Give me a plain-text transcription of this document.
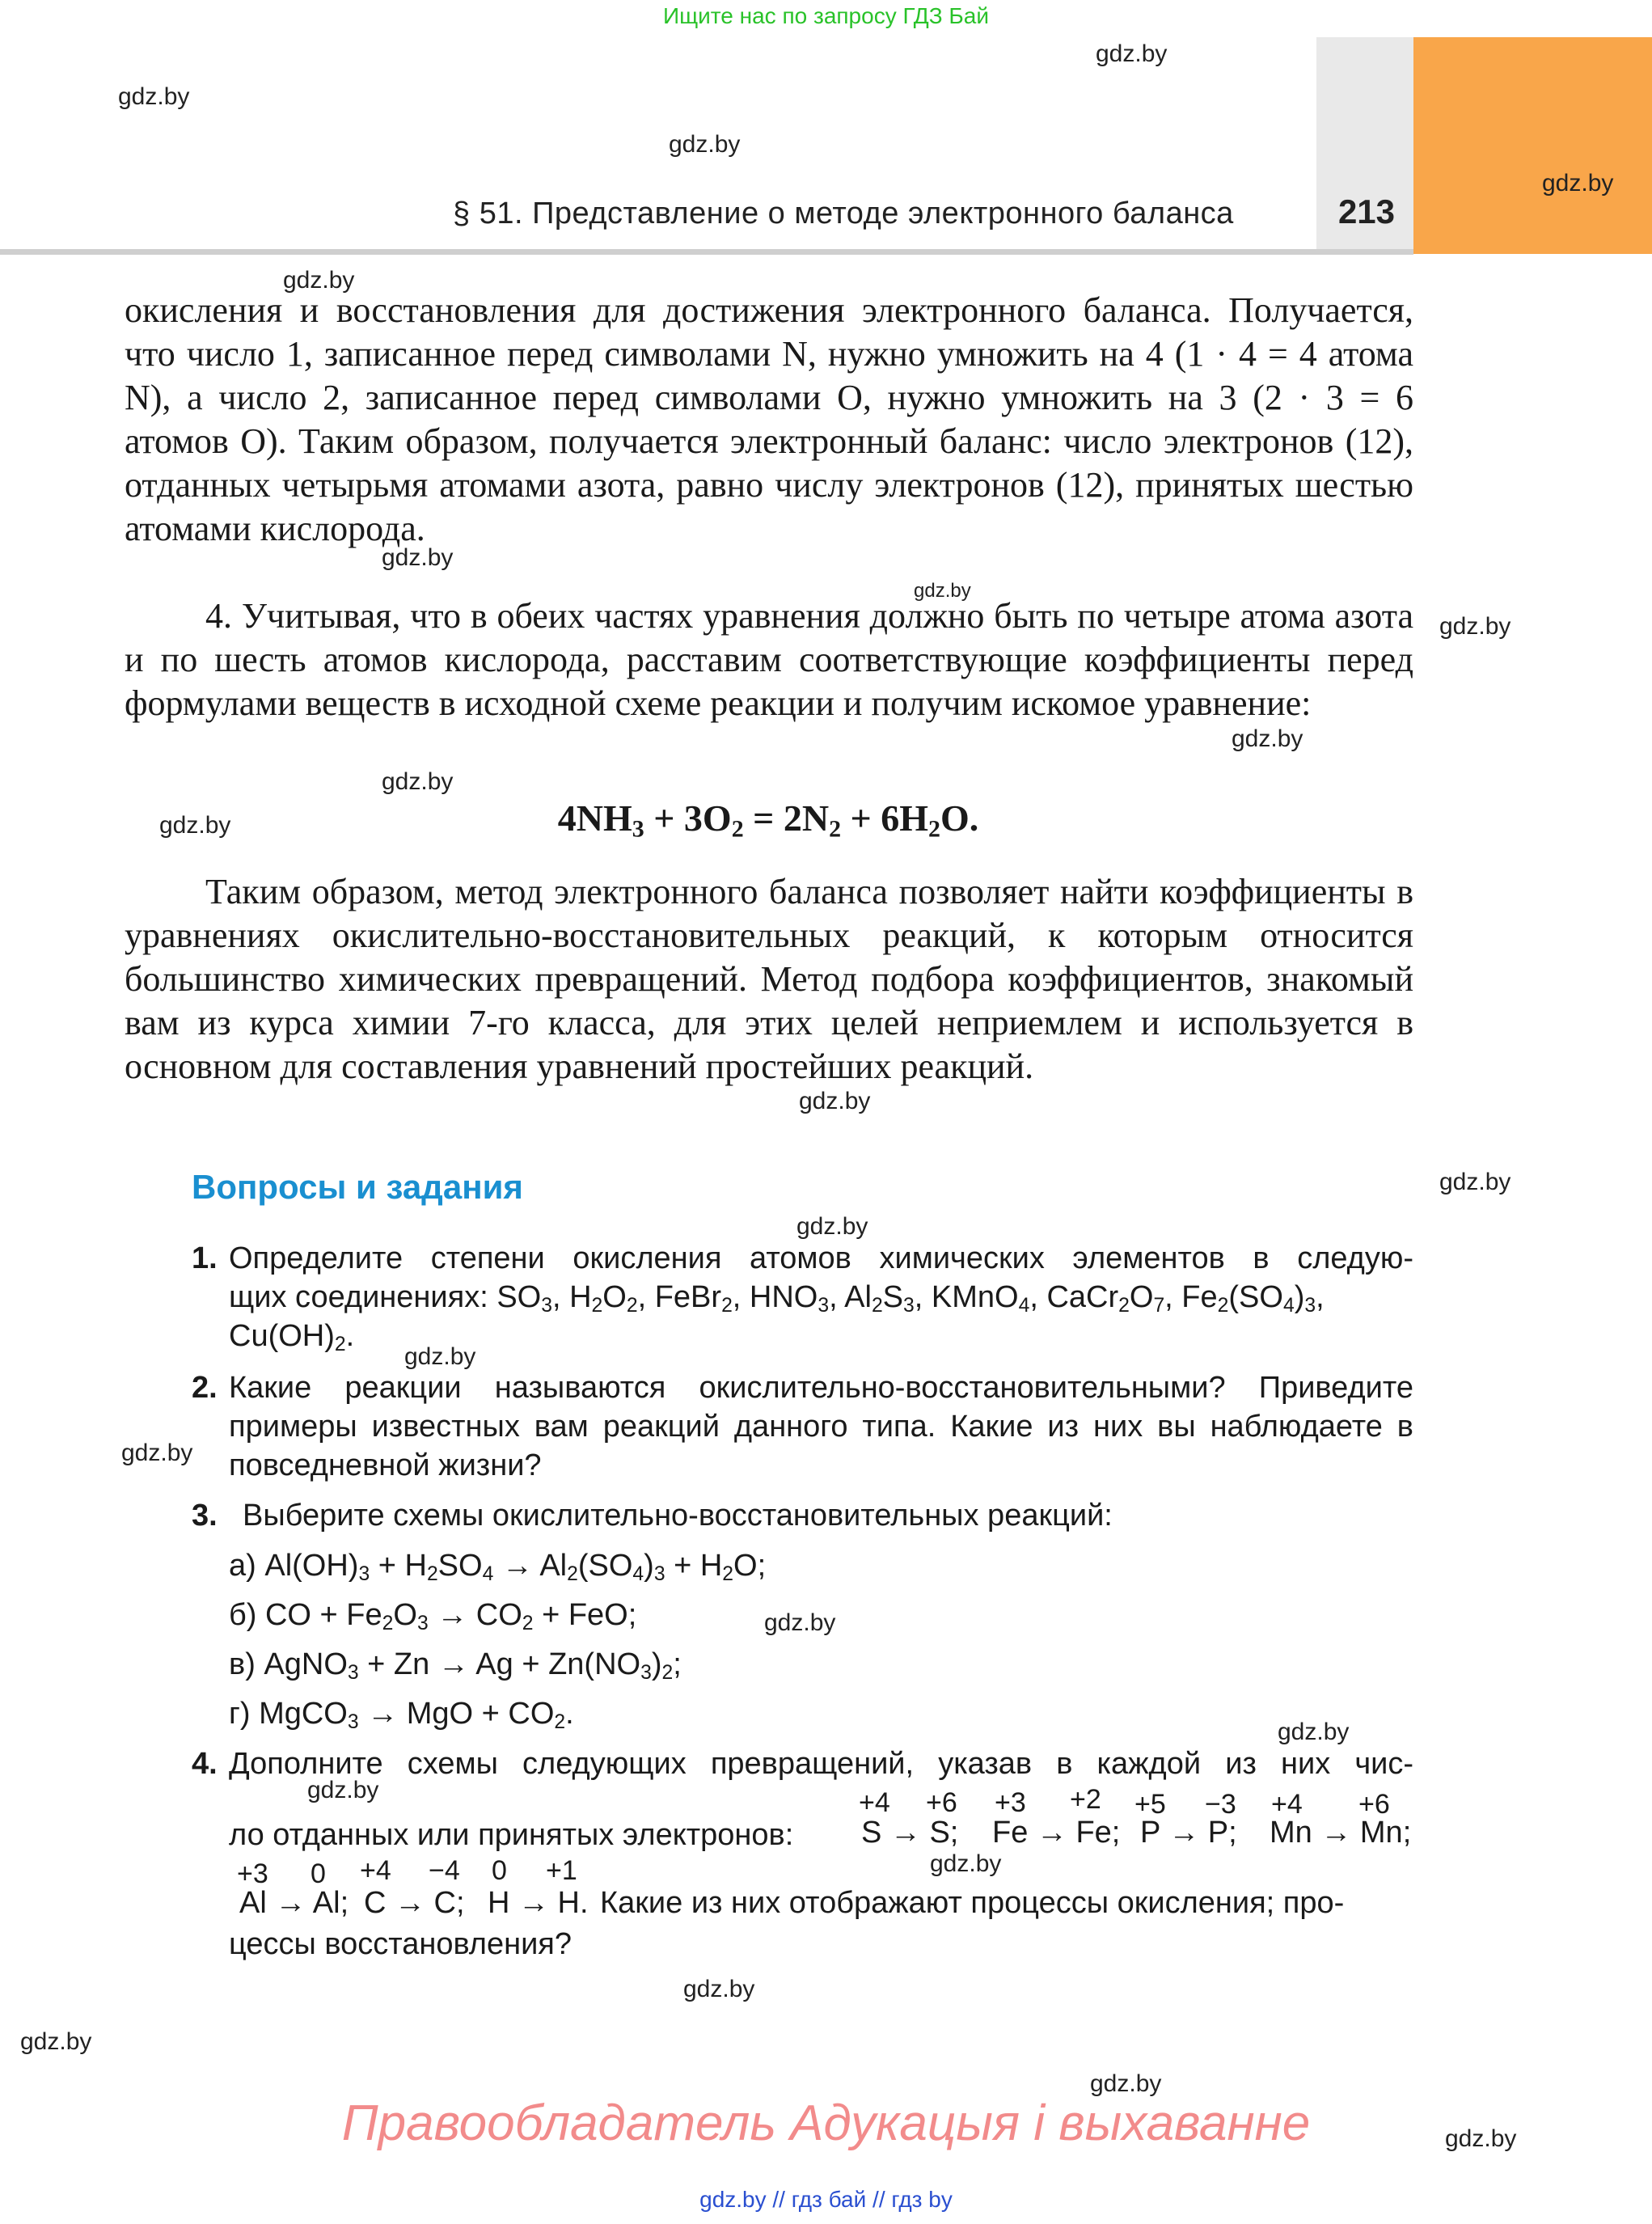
Ищите нас по запросу ГДЗ Бай
§ 51. Представление о методе электронного баланса	213
gdz.by
gdz.by
gdz.by
gdz.by
gdz.by
gdz.by
gdz.by
gdz.by
gdz.by
gdz.by
gdz.by
gdz.by
gdz.by
gdz.by
gdz.by
gdz.by
gdz.by
gdz.by
gdz.by
gdz.by
gdz.by
gdz.by
gdz.by
gdz.by
окисления и восстановления для достижения электронного баланса. Получается, что число 1, записанное перед символами N, нужно умножить на 4 (1 · 4 = 4 атома N), а число 2, записанное перед символами O, нужно умножить на 3 (2 · 3 = 6 атомов O). Таким образом, получается электронный баланс: число электронов (12), отданных четырьмя атомами азота, равно числу электронов (12), принятых шестью атомами кислорода.
4. Учитывая, что в обеих частях уравнения должно быть по четыре атома азота и по шесть атомов кислорода, расставим соответствующие коэффициенты перед формулами веществ в исходной схеме реакции и получим искомое уравнение:
$4NH_3 + 3O_2 = 2N_2 + 6H_2O$.
Таким образом, метод электронного баланса позволяет найти коэффициенты в уравнениях окислительно-восстановительных реакций, к которым относится большинство химических превращений. Метод подбора коэффициентов, знакомый вам из курса химии 7-го класса, для этих целей неприемлем и используется в основном для составления уравнений простейших реакций.
Вопросы и задания
1. Определите степени окисления атомов химических элементов в следую-
щих соединениях: $SO_3$, $H_2O_2$, FeBr$_2$, $HNO_3$, $Al_2S_3$, KMnO$_4$, $CaCr_2O_7$, $Fe_2(SO_4)_3$,
$Cu(OH)_2$.
2. Какие реакции называются окислительно-восстановительными? Приведите примеры известных вам реакций данного типа. Какие из них вы наблюдаете в повседневной жизни?
3. Выберите схемы окислительно-восстановительных реакций:
а) $Al(OH)_3 + H_2SO_4 \to Al_2(SO_4)_3 + H_2O$;
б) CO + $Fe_2O_3 \to CO_2$ + FeO;
в) AgNO$_3$ + $Zn \to Ag + Zn(NO_3)_2$;
г) MgCO$_3$ → MgO + $CO_2$.
4. Дополните схемы следующих превращений, указав в каждой из них чис-
+4 +6 +3 +2 +5 −3 +4 +6
ло отданных или принятых электронов:	S → S; Fe → Fe; P → P; Mn → Mn;
+3 0 +4 −4 0 +1
Al → Al; C → C; H → H. Какие из них отображают процессы окисления; про-
цессы восстановления?
Правообладатель Адукацыя і выхаванне
gdz.by // гдз бай // гдз by
